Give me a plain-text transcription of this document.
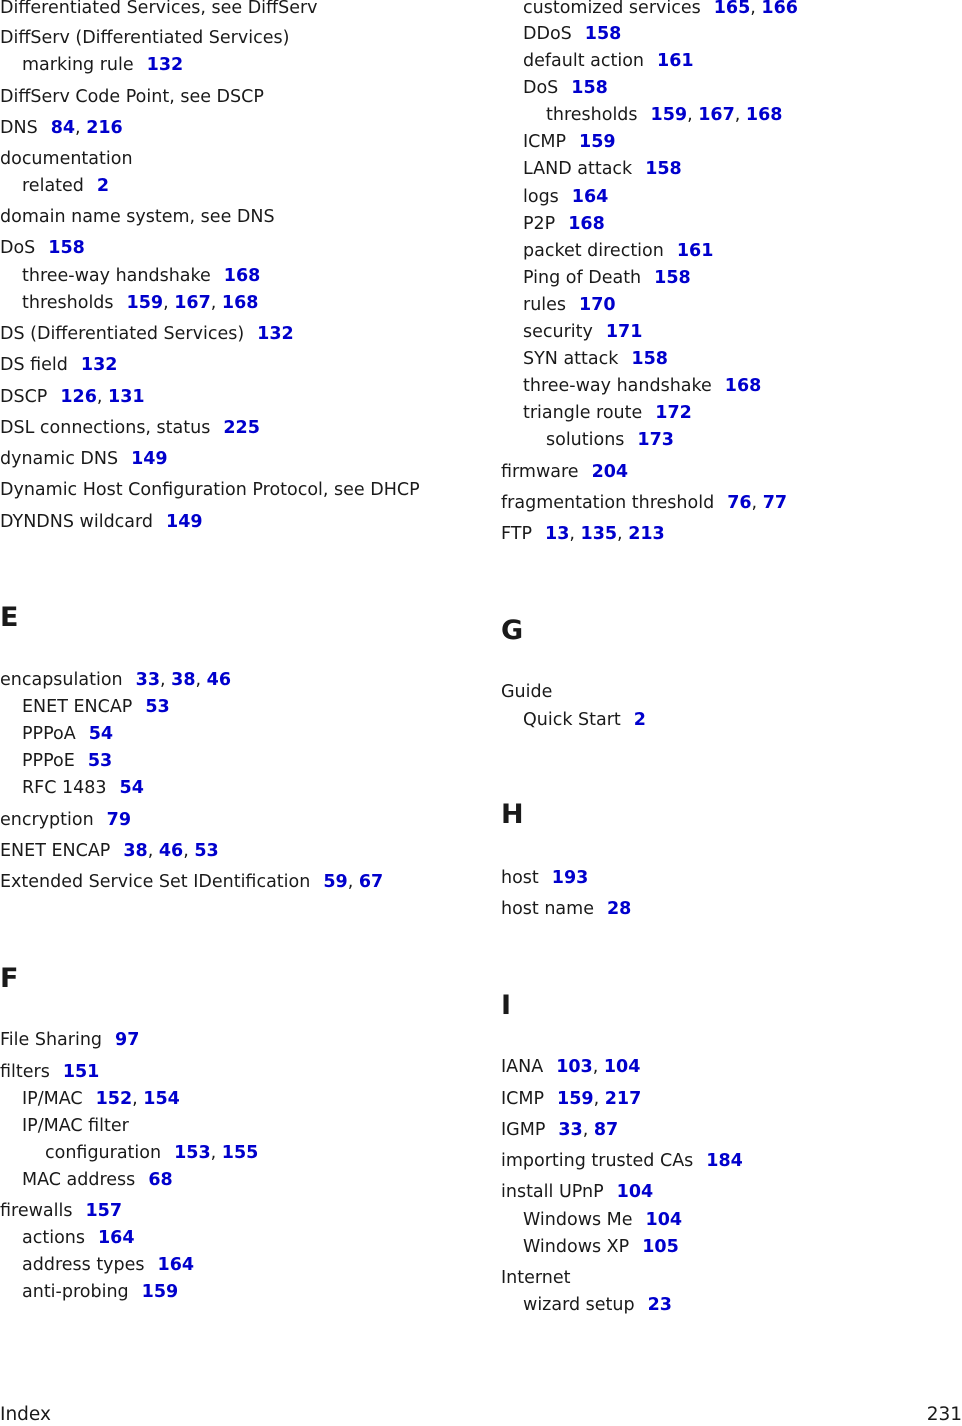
Differentiated Services, see DiffServ
DiffServ (Differentiated Services)
marking rule 132
DiffServ Code Point, see DSCP
DNS 84, 216
documentation
related 2
domain name system, see DNS
DoS 158
three-way handshake 168
thresholds 159, 167, 168
DS (Differentiated Services) 132
DS field 132
DSCP 126, 131
DSL connections, status 225
dynamic DNS 149
Dynamic Host Configuration Protocol, see DHCP
DYNDNS wildcard 149
E
encapsulation 33, 38, 46
ENET ENCAP 53
PPPoA 54
PPPoE 53
RFC 1483 54
encryption 79
ENET ENCAP 38, 46, 53
Extended Service Set IDentification 59, 67
F
File Sharing 97
filters 151
IP/MAC 152, 154
IP/MAC filter
configuration 153, 155
MAC address 68
firewalls 157
actions 164
address types 164
anti-probing 159
customized services 165, 166
DDoS 158
default action 161
DoS 158
thresholds 159, 167, 168
ICMP 159
LAND attack 158
logs 164
P2P 168
packet direction 161
Ping of Death 158
rules 170
security 171
SYN attack 158
three-way handshake 168
triangle route 172
solutions 173
firmware 204
fragmentation threshold 76, 77
FTP 13, 135, 213
G
Guide
Quick Start 2
H
host 193
host name 28
I
IANA 103, 104
ICMP 159, 217
IGMP 33, 87
importing trusted CAs 184
install UPnP 104
Windows Me 104
Windows XP 105
Internet
wizard setup 23
Index	231
